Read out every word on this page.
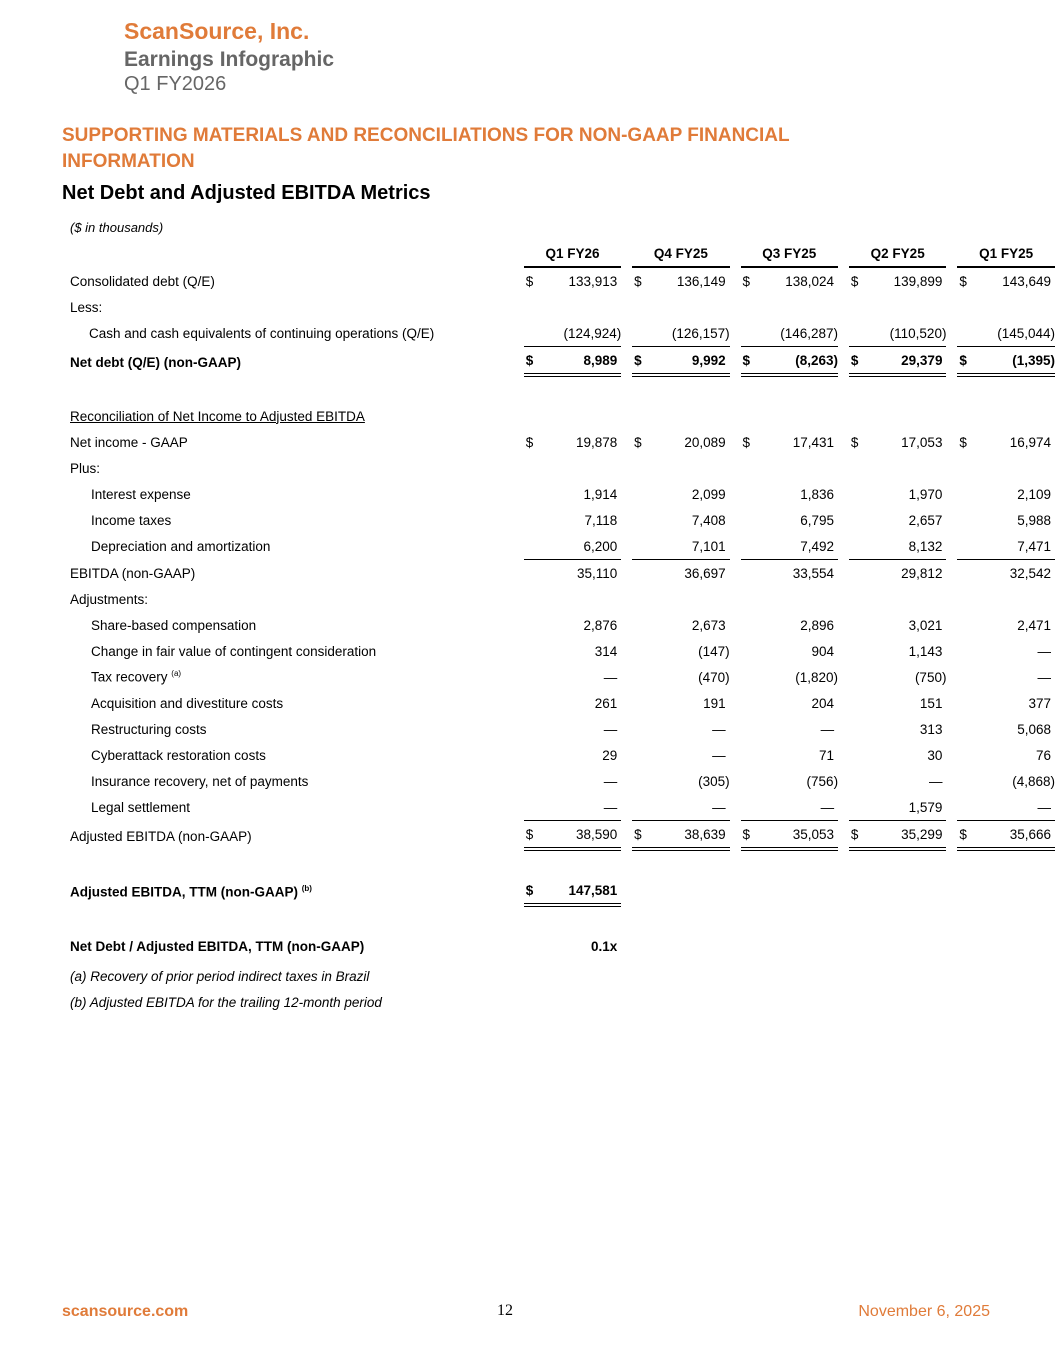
ScanSource, Inc.
Earnings Infographic
Q1 FY2026
SUPPORTING MATERIALS AND RECONCILIATIONS FOR NON-GAAP FINANCIAL INFORMATION
Net Debt and Adjusted EBITDA Metrics
($ in thousands)
		Q1 FY26			Q4 FY25			Q3 FY25			Q2 FY25			Q1 FY25	
Consolidated debt (Q/E)		$	133,913		$	136,149		$	138,024		$	139,899		$	143,649
Less:															
Cash and cash equivalents of continuing operations (Q/E)			(124,924)			(126,157)			(146,287)			(110,520)			(145,044)
Net debt (Q/E) (non-GAAP)		$	8,989		$	9,992		$	(8,263)		$	29,379		$	(1,395)

Reconciliation of Net Income to Adjusted EBITDA															
Net income - GAAP		$	19,878		$	20,089		$	17,431		$	17,053		$	16,974
Plus:															
Interest expense			1,914			2,099			1,836			1,970			2,109
Income taxes			7,118			7,408			6,795			2,657			5,988
Depreciation and amortization			6,200			7,101			7,492			8,132			7,471
EBITDA (non-GAAP)			35,110			36,697			33,554			29,812			32,542
Adjustments:															
Share-based compensation			2,876			2,673			2,896			3,021			2,471
Change in fair value of contingent consideration			314			(147)			904			1,143			—
Tax recovery $^{(a)}$			—			(470)			(1,820)			(750)			—
Acquisition and divestiture costs			261			191			204			151			377
Restructuring costs			—			—			—			313			5,068
Cyberattack restoration costs			29			—			71			30			76
Insurance recovery, net of payments			—			(305)			(756)			—			(4,868)
Legal settlement			—			—			—			1,579			—
Adjusted EBITDA (non-GAAP)		$	38,590		$	38,639		$	35,053		$	35,299		$	35,666

Adjusted EBITDA, TTM (non-GAAP) $^{(b)}$		$	147,581												

Net Debt / Adjusted EBITDA, TTM (non-GAAP)			0.1x												
(a) Recovery of prior period indirect taxes in Brazil
(b) Adjusted EBITDA for the trailing 12-month period
scansource.com	12	November 6, 2025
